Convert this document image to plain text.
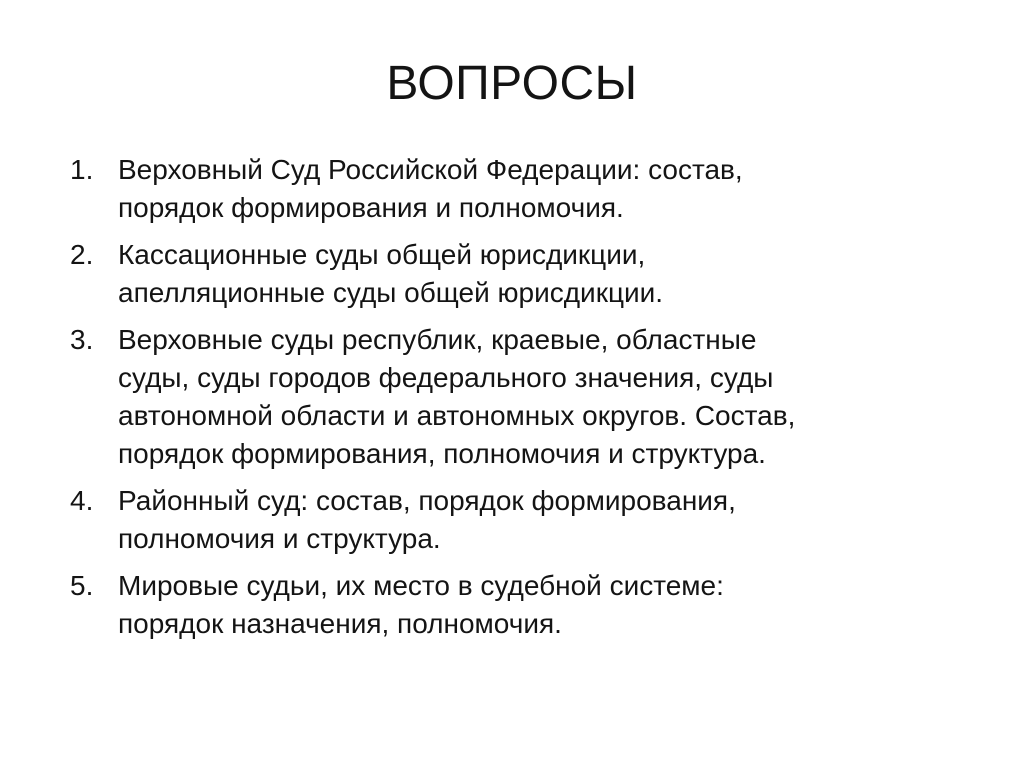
ВОПРОСЫ
1. Верховный Суд Российской Федерации: состав,
порядок формирования и полномочия.
2. Кассационные суды общей юрисдикции,
апелляционные суды общей юрисдикции.
3. Верховные суды республик, краевые, областные
суды, суды городов федерального значения, суды
автономной области и автономных округов. Состав,
порядок формирования, полномочия и структура.
4. Районный суд: состав, порядок формирования,
полномочия и структура.
5. Мировые судьи, их место в судебной системе:
порядок назначения, полномочия.
